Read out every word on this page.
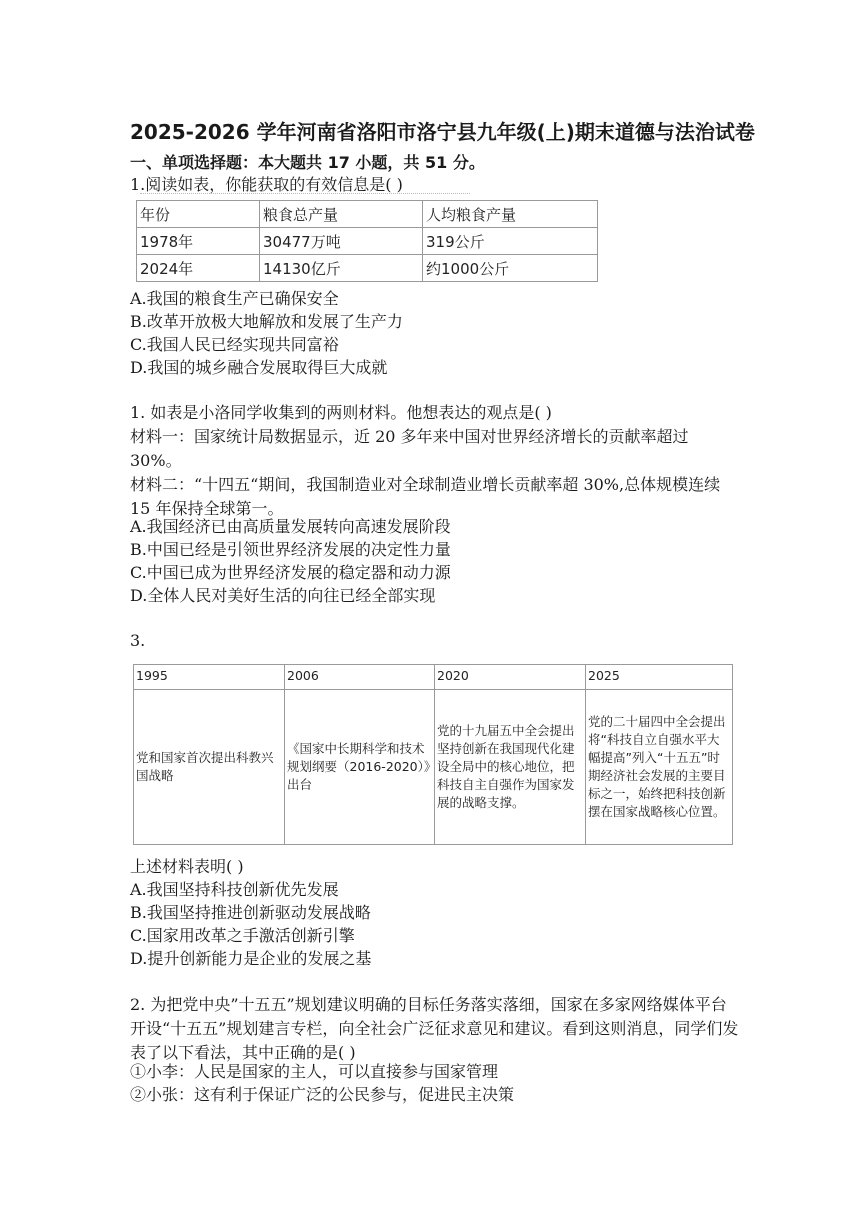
2025-2026 学年河南省洛阳市洛宁县九年级(上)期末道德与法治试卷
一、单项选择题：本大题共 17 小题，共 51 分。
1.阅读如表，你能获取的有效信息是( )
年份	粮食总产量	人均粮食产量
1978年	30477万吨	319公斤
2024年	14130亿斤	约1000公斤
A.我国的粮食生产已确保安全
B.改革开放极大地解放和发展了生产力
C.我国人民已经实现共同富裕
D.我国的城乡融合发展取得巨大成就
1. 如表是小洛同学收集到的两则材料。他想表达的观点是( )
材料一：国家统计局数据显示，近 20 多年来中国对世界经济增长的贡献率超过 30%。
材料二：“十四五“期间，我国制造业对全球制造业增长贡献率超 30%,总体规模连续 15 年保持全球第一。
A.我国经济已由高质量发展转向高速发展阶段
B.中国已经是引领世界经济发展的决定性力量
C.中国已成为世界经济发展的稳定器和动力源
D.全体人民对美好生活的向往已经全部实现
3.
1995	2006	2020	2025
党和国家首次提出科教兴国战略	《国家中长期科学和技术规划纲要（2016-2020）》出台	党的十九届五中全会提出坚持创新在我国现代化建设全局中的核心地位，把科技自主自强作为国家发展的战略支撑。	党的二十届四中全会提出将“科技自立自强水平大幅提高”列入“十五五”时期经济社会发展的主要目标之一，始终把科技创新摆在国家战略核心位置。
上述材料表明( )
A.我国坚持科技创新优先发展
B.我国坚持推进创新驱动发展战略
C.国家用改革之手激活创新引擎
D.提升创新能力是企业的发展之基
2. 为把党中央”十五五”规划建议明确的目标任务落实落细，国家在多家网络媒体平台开设“十五五”规划建言专栏，向全社会广泛征求意见和建议。看到这则消息，同学们发表了以下看法，其中正确的是( )
①小李：人民是国家的主人，可以直接参与国家管理
②小张：这有利于保证广泛的公民参与，促进民主决策
